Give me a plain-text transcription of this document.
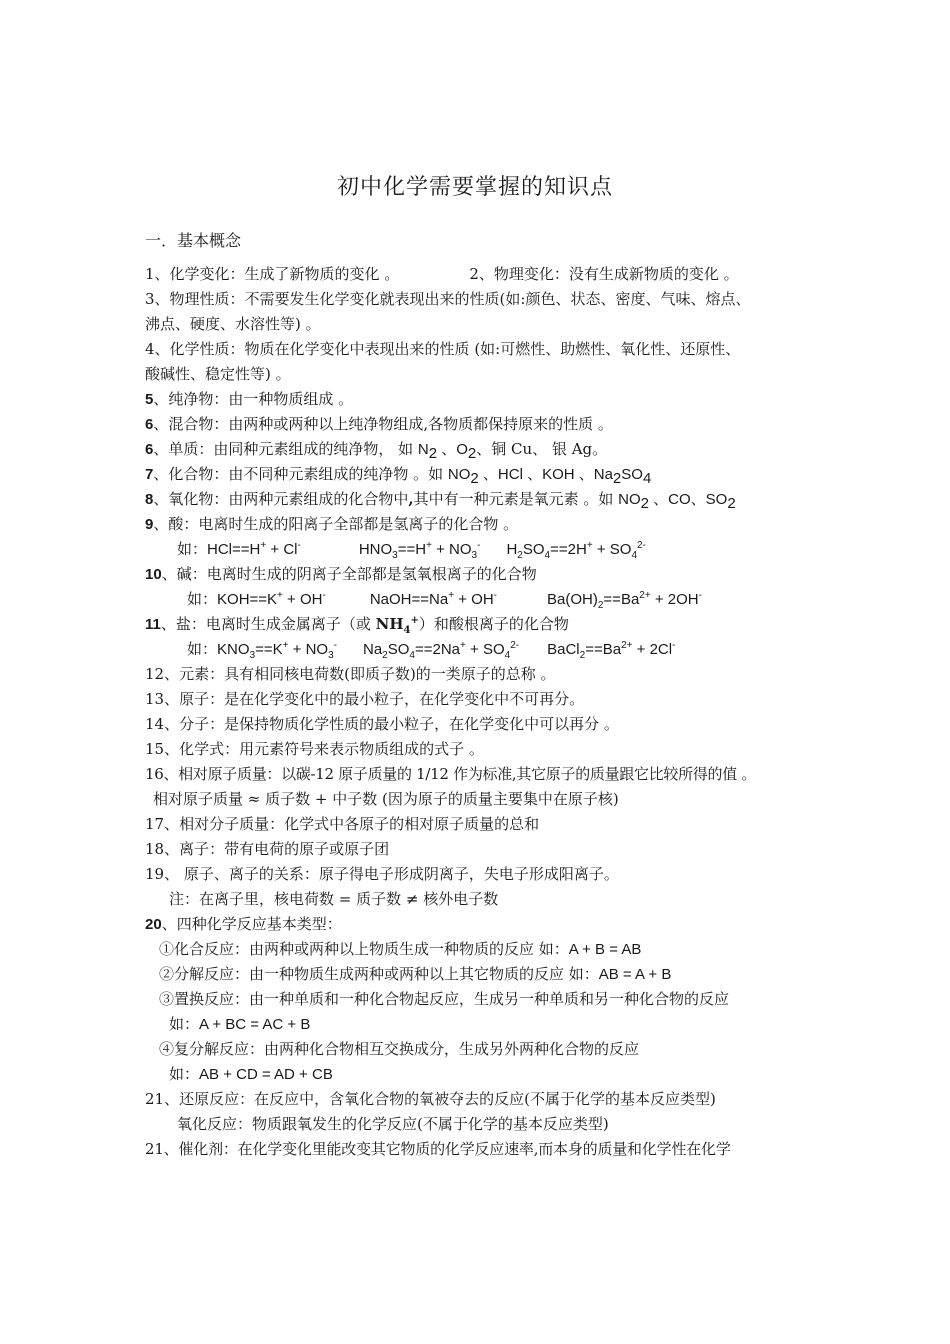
初中化学需要掌握的知识点
一．基本概念
1、化学变化：生成了新物质的变化 。	2、物理变化：没有生成新物质的变化 。
3、物理性质：不需要发生化学变化就表现出来的性质(如:颜色、状态、密度、气味、熔点、
沸点、硬度、水溶性等) 。
4、化学性质：物质在化学变化中表现出来的性质 (如:可燃性、助燃性、氧化性、还原性、
酸碱性、稳定性等) 。
5、纯净物：由一种物质组成 。
6、混合物：由两种或两种以上纯净物组成,各物质都保持原来的性质 。
6、单质：由同种元素组成的纯净物， 如 $N_2$ 、$O_2$、铜 Cu、 银 Ag。
7、化合物：由不同种元素组成的纯净物 。如 $NO_2$ 、HCl 、KOH 、$Na_2SO_4$
8、氧化物：由两种元素组成的化合物中,其中有一种元素是氧元素 。如 $NO_2$ 、CO、$SO_2$
9、酸：电离时生成的阳离子全部都是氢离子的化合物 。
如：HCl==H+ + Cl-	$HNO_3==H^+ + NO_3^-$ $H_2SO_4==2H^+ + SO_4^{2-}$
10、碱：电离时生成的阴离子全部都是氢氧根离子的化合物
如：KOH==K+ + OH-	NaOH==Na+ + OH-	$Ba(OH)_2==Ba^{2+} + 2OH^-$
11、盐：电离时生成金属离子（或 $NH_4^+$）和酸根离子的化合物
如：$KNO_3==K^+ + NO_3^-$ $Na_2SO_4==2Na^+ + SO_4^{2-}$ $BaCl_2==Ba^{2+} + 2Cl^-$
12、元素：具有相同核电荷数(即质子数)的一类原子的总称 。
13、原子：是在化学变化中的最小粒子，在化学变化中不可再分。
14、分子：是保持物质化学性质的最小粒子，在化学变化中可以再分 。
15、化学式：用元素符号来表示物质组成的式子 。
16、相对原子质量：以碳-12 原子质量的 1/12 作为标准,其它原子的质量跟它比较所得的值 。
相对原子质量 ≈ 质子数 + 中子数 (因为原子的质量主要集中在原子核)
17、相对分子质量：化学式中各原子的相对原子质量的总和
18、离子：带有电荷的原子或原子团
19、 原子、离子的关系：原子得电子形成阴离子，失电子形成阳离子。
注：在离子里，核电荷数 = 质子数 ≠ 核外电子数
20、四种化学反应基本类型：
①化合反应：由两种或两种以上物质生成一种物质的反应 如：A + B = AB
②分解反应：由一种物质生成两种或两种以上其它物质的反应 如：AB = A + B
③置换反应：由一种单质和一种化合物起反应，生成另一种单质和另一种化合物的反应
如：A + BC = AC + B
④复分解反应：由两种化合物相互交换成分，生成另外两种化合物的反应
如：AB + CD = AD + CB
21、还原反应：在反应中，含氧化合物的氧被夺去的反应(不属于化学的基本反应类型)
氧化反应：物质跟氧发生的化学反应(不属于化学的基本反应类型)
21、催化剂：在化学变化里能改变其它物质的化学反应速率,而本身的质量和化学性在化学
